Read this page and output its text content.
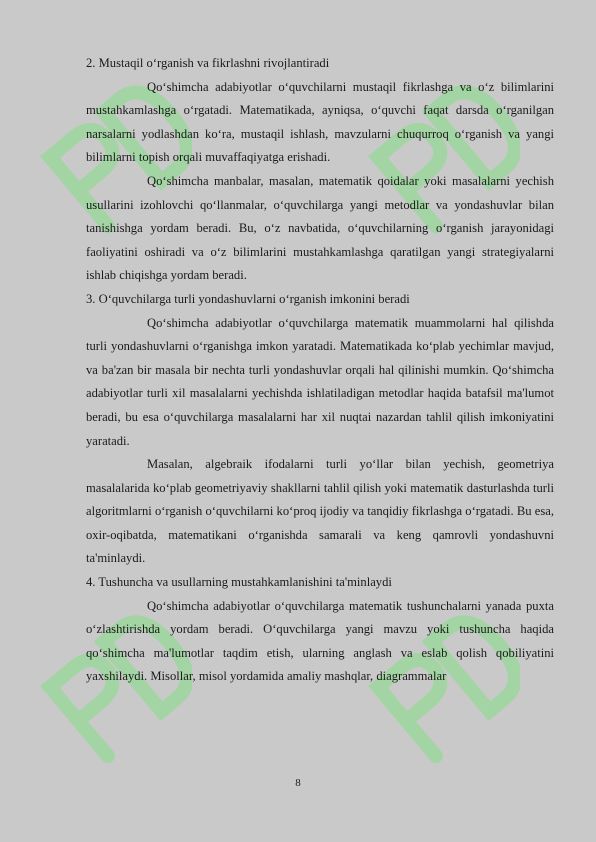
2. Mustaqil o‘rganish va fikrlashni rivojlantiradi

Qo‘shimcha adabiyotlar o‘quvchilarni mustaqil fikrlashga va o‘z bilimlarini mustahkamlashga o‘rgatadi. Matematikada, ayniqsa, o‘quvchi faqat darsda o‘rganilgan narsalarni yodlashdan ko‘ra, mustaqil ishlash, mavzularni chuqurroq o‘rganish va yangi bilimlarni topish orqali muvaffaqiyatga erishadi.

Qo‘shimcha manbalar, masalan, matematik qoidalar yoki masalalarni yechish usullarini izohlovchi qo‘llanmalar, o‘quvchilarga yangi metodlar va yondashuvlar bilan tanishishga yordam beradi. Bu, o‘z navbatida, o‘quvchilarning o‘rganish jarayonidagi faoliyatini oshiradi va o‘z bilimlarini mustahkamlashga qaratilgan yangi strategiyalarni ishlab chiqishga yordam beradi.

3. O‘quvchilarga turli yondashuvlarni o‘rganish imkonini beradi

Qo‘shimcha adabiyotlar o‘quvchilarga matematik muammolarni hal qilishda turli yondashuvlarni o‘rganishga imkon yaratadi. Matematikada ko‘plab yechimlar mavjud, va ba'zan bir masala bir nechta turli yondashuvlar orqali hal qilinishi mumkin. Qo‘shimcha adabiyotlar turli xil masalalarni yechishda ishlatiladigan metodlar haqida batafsil ma'lumot beradi, bu esa o‘quvchilarga masalalarni har xil nuqtai nazardan tahlil qilish imkoniyatini yaratadi.

Masalan, algebraik ifodalarni turli yo‘llar bilan yechish, geometriya masalalarida ko‘plab geometriyaviy shakllarni tahlil qilish yoki matematik dasturlashda turli algoritmlarni o‘rganish o‘quvchilarni ko‘proq ijodiy va tanqidiy fikrlashga o‘rgatadi. Bu esa, oxir-oqibatda, matematikani o‘rganishda samarali va keng qamrovli yondashuvni ta'minlaydi.

4. Tushuncha va usullarning mustahkamlanishini ta'minlaydi

Qo‘shimcha adabiyotlar o‘quvchilarga matematik tushunchalarni yanada puxta o‘zlashtirishda yordam beradi. O‘quvchilarga yangi mavzu yoki tushuncha haqida qo‘shimcha ma'lumotlar taqdim etish, ularning anglash va eslab qolish qobiliyatini yaxshilaydi. Misollar, misol yordamida amaliy mashqlar, diagrammalar

8
